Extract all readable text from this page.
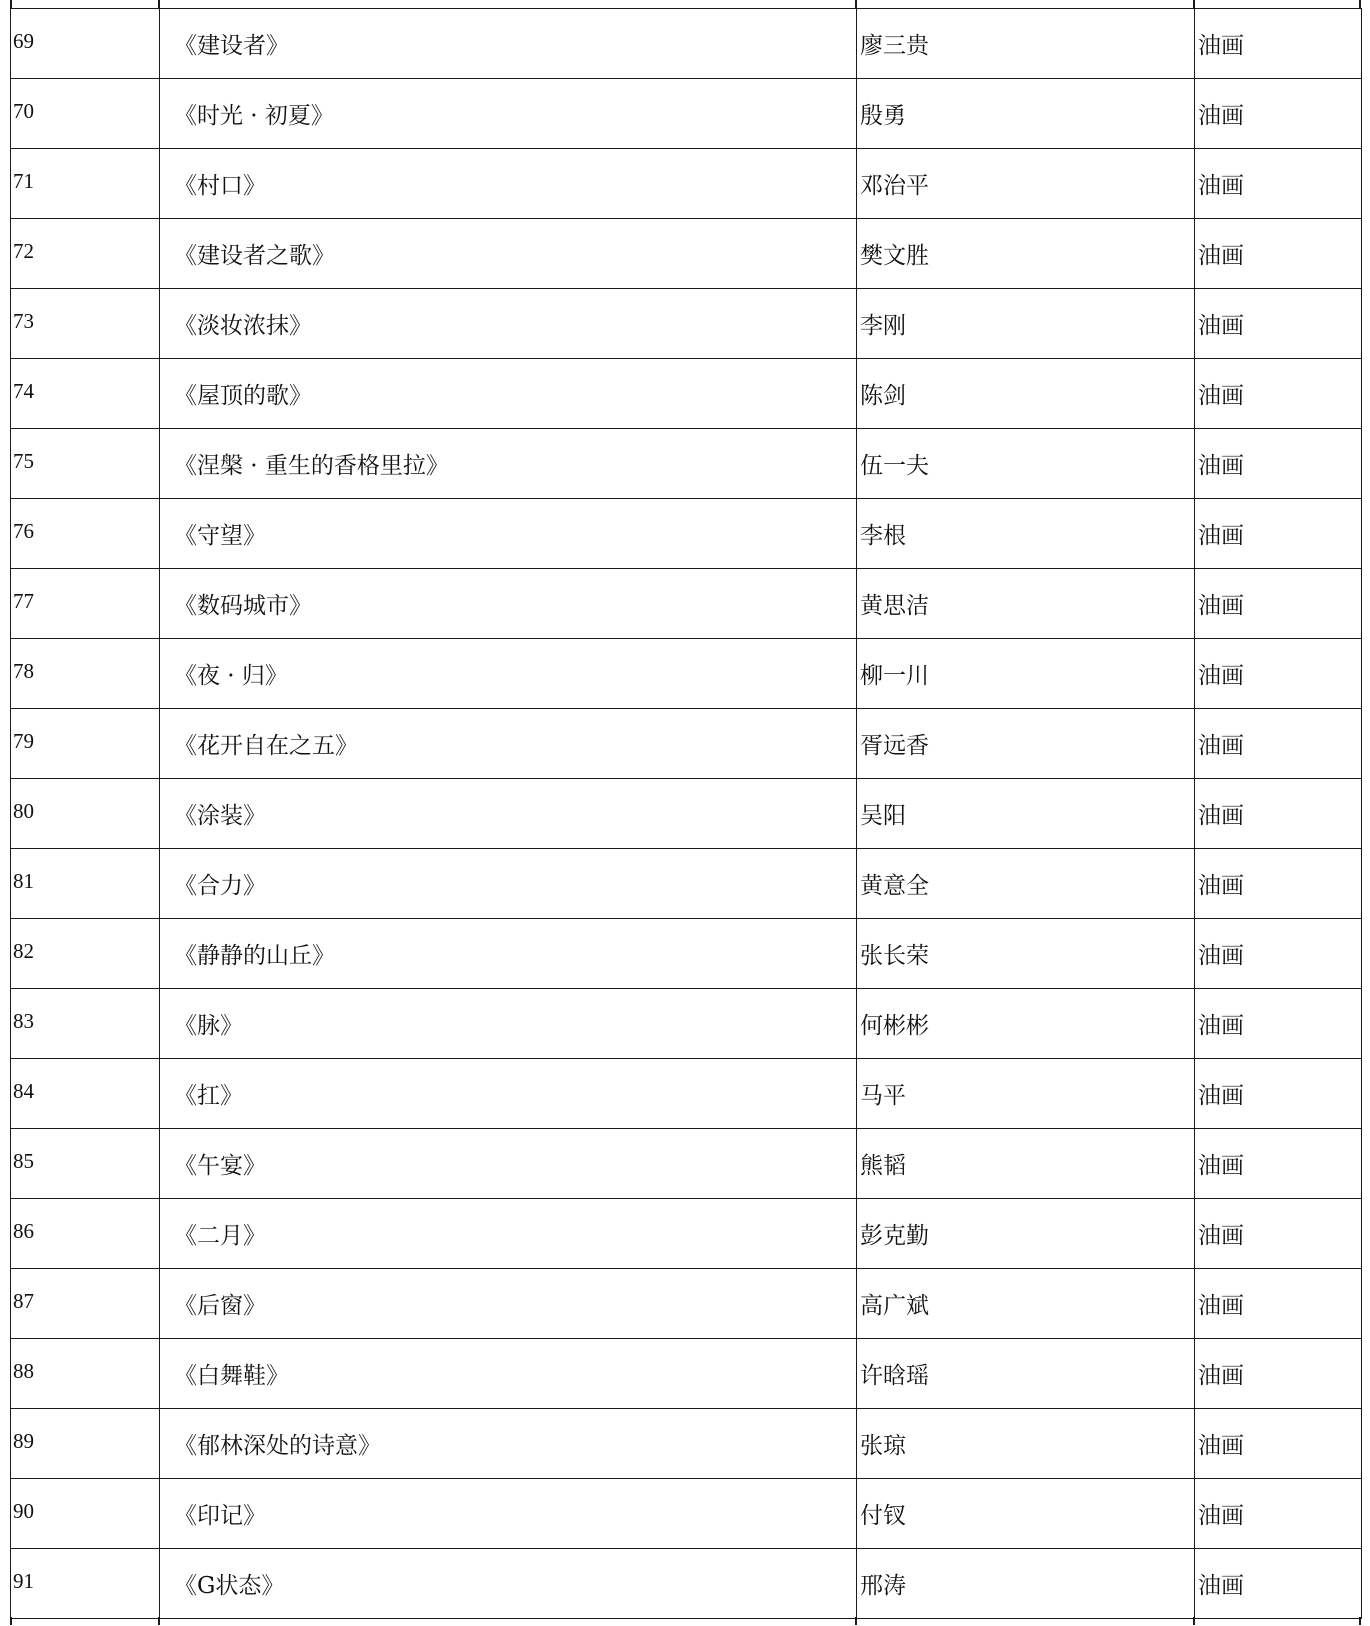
69	《建设者》	廖三贵	油画
70	《时光 · 初夏》	殷勇	油画
71	《村口》	邓治平	油画
72	《建设者之歌》	樊文胜	油画
73	《淡妆浓抹》	李刚	油画
74	《屋顶的歌》	陈剑	油画
75	《涅槃 · 重生的香格里拉》	伍一夫	油画
76	《守望》	李根	油画
77	《数码城市》	黄思洁	油画
78	《夜 · 归》	柳一川	油画
79	《花开自在之五》	胥远香	油画
80	《涂装》	吴阳	油画
81	《合力》	黄意全	油画
82	《静静的山丘》	张长荣	油画
83	《脉》	何彬彬	油画
84	《扛》	马平	油画
85	《午宴》	熊韬	油画
86	《二月》	彭克勤	油画
87	《后窗》	高广斌	油画
88	《白舞鞋》	许晗瑶	油画
89	《郁林深处的诗意》	张琼	油画
90	《印记》	付钗	油画
91	《G状态》	邢涛	油画
